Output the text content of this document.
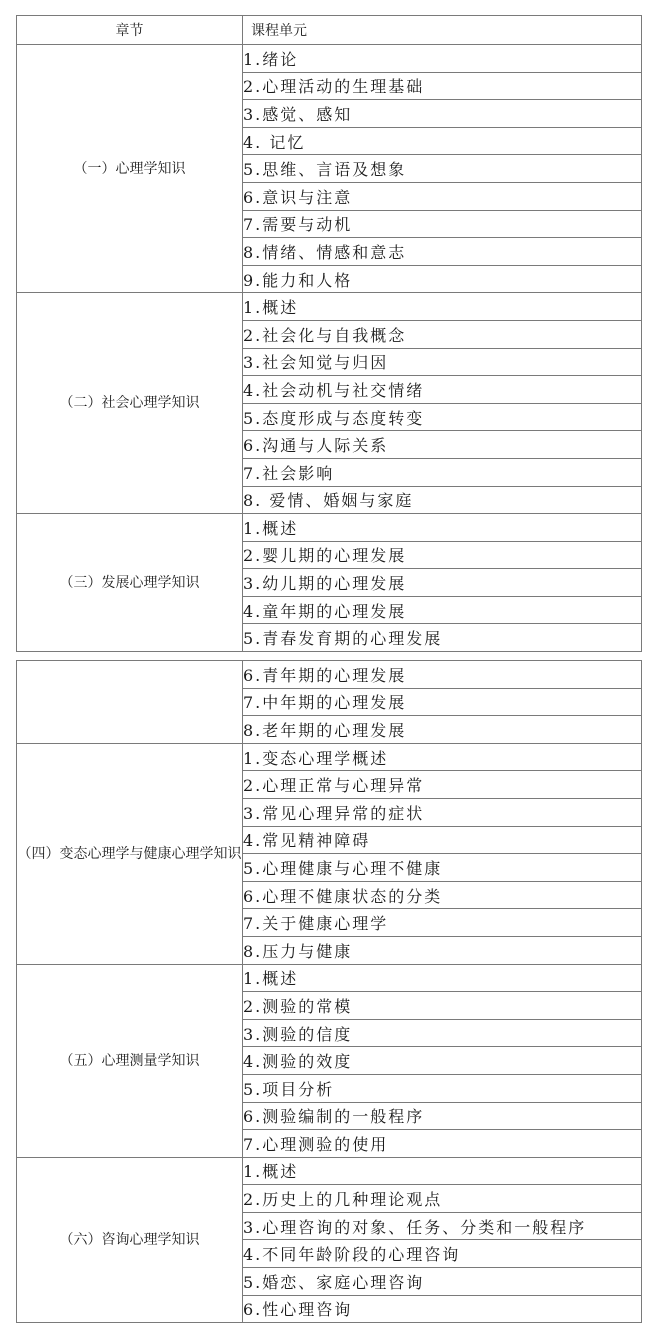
章节	课程单元
（一）心理学知识	1.绪论
	2.心理活动的生理基础
	3.感觉、感知
	4. 记忆
	5.思维、言语及想象
	6.意识与注意
	7.需要与动机
	8.情绪、情感和意志
	9.能力和人格
（二）社会心理学知识	1.概述
	2.社会化与自我概念
	3.社会知觉与归因
	4.社会动机与社交情绪
	5.态度形成与态度转变
	6.沟通与人际关系
	7.社会影响
	8. 爱情、婚姻与家庭
（三）发展心理学知识	1.概述
	2.婴儿期的心理发展
	3.幼儿期的心理发展
	4.童年期的心理发展
	5.青春发育期的心理发展
	6.青年期的心理发展
	7.中年期的心理发展
	8.老年期的心理发展
（四）变态心理学与健康心理学知识	1.变态心理学概述
	2.心理正常与心理异常
	3.常见心理异常的症状
	4.常见精神障碍
	5.心理健康与心理不健康
	6.心理不健康状态的分类
	7.关于健康心理学
	8.压力与健康
（五）心理测量学知识	1.概述
	2.测验的常模
	3.测验的信度
	4.测验的效度
	5.项目分析
	6.测验编制的一般程序
	7.心理测验的使用
（六）咨询心理学知识	1.概述
	2.历史上的几种理论观点
	3.心理咨询的对象、任务、分类和一般程序
	4.不同年龄阶段的心理咨询
	5.婚恋、家庭心理咨询
	6.性心理咨询
